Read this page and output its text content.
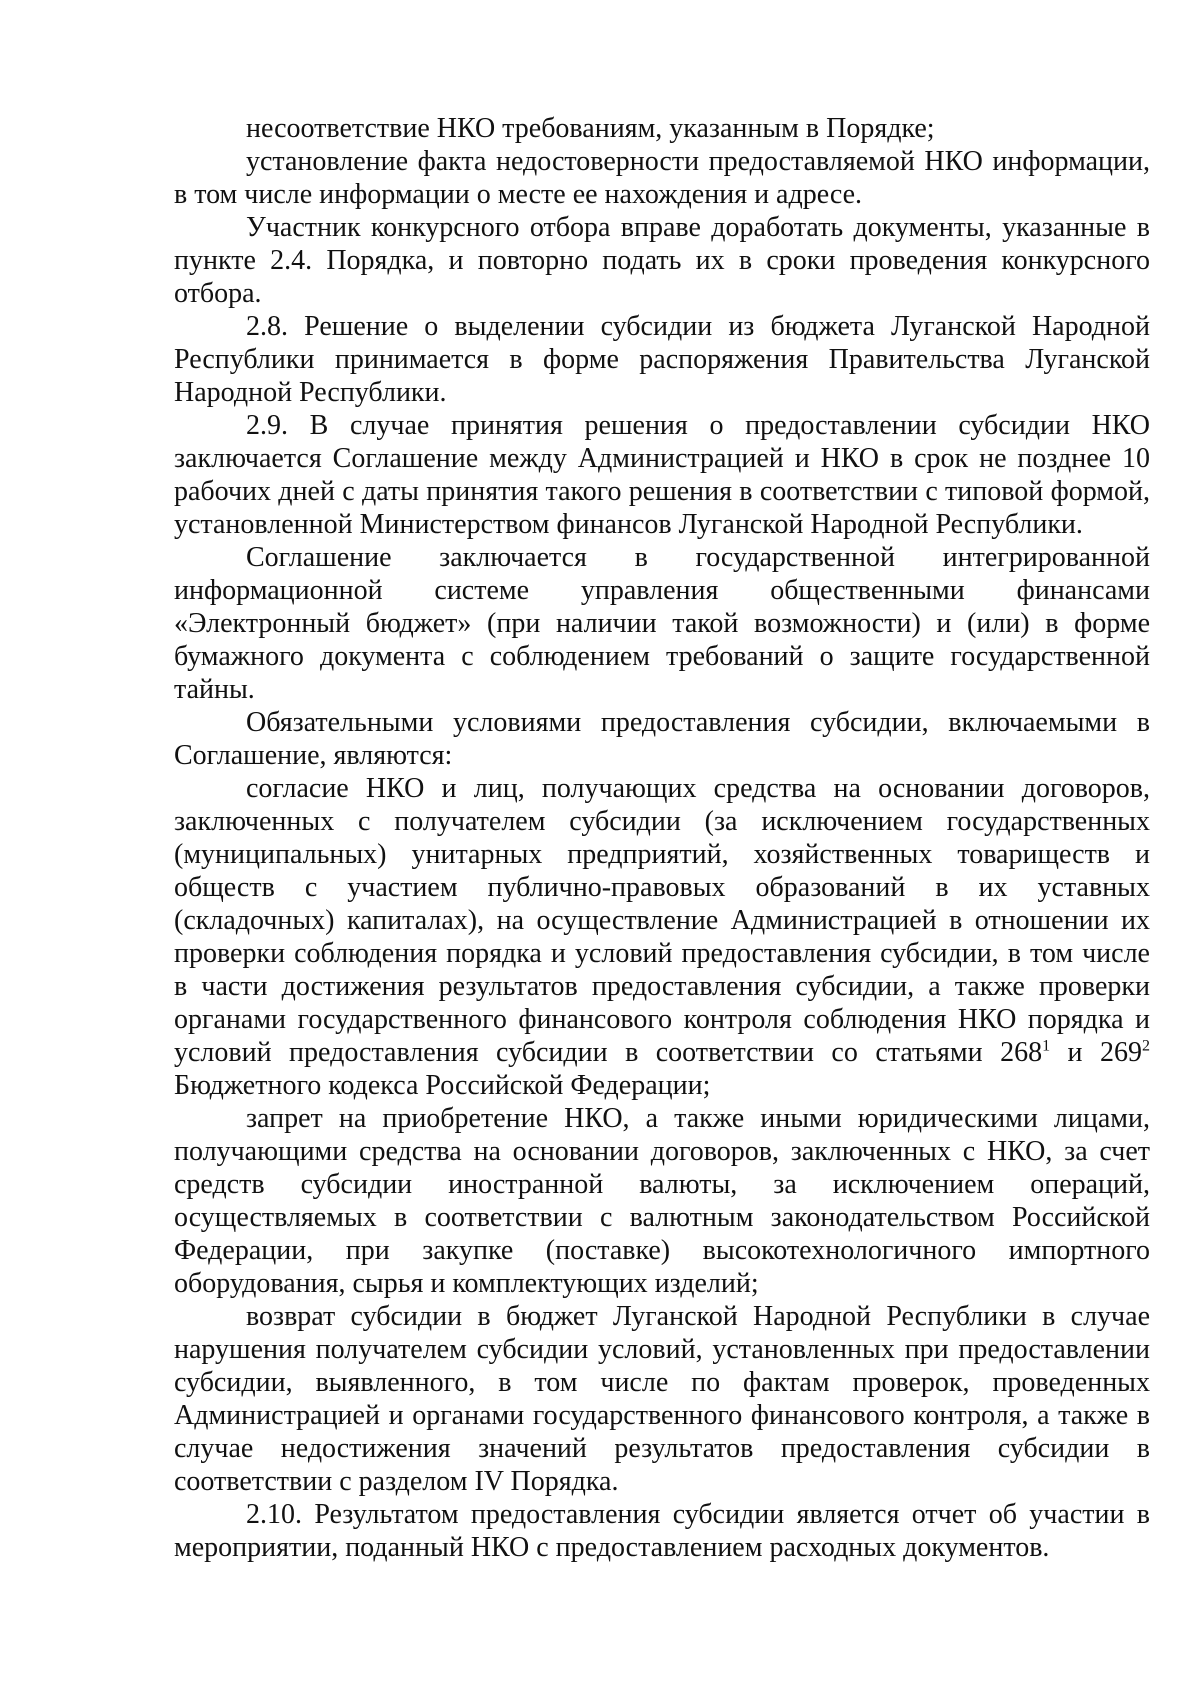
несоответствие НКО требованиям, указанным в Порядке;

установление факта недостоверности предоставляемой НКО информации, в том числе информации о месте ее нахождения и адресе.

Участник конкурсного отбора вправе доработать документы, указанные в пункте 2.4. Порядка, и повторно подать их в сроки проведения конкурсного отбора.

2.8. Решение о выделении субсидии из бюджета Луганской Народной Республики принимается в форме распоряжения Правительства Луганской Народной Республики.

2.9. В случае принятия решения о предоставлении субсидии НКО заключается Соглашение между Администрацией и НКО в срок не позднее 10 рабочих дней с даты принятия такого решения в соответствии с типовой формой, установленной Министерством финансов Луганской Народной Республики.

Соглашение заключается в государственной интегрированной информационной системе управления общественными финансами «Электронный бюджет» (при наличии такой возможности) и (или) в форме бумажного документа с соблюдением требований о защите государственной тайны.

Обязательными условиями предоставления субсидии, включаемыми в Соглашение, являются:

согласие НКО и лиц, получающих средства на основании договоров, заключенных с получателем субсидии (за исключением государственных (муниципальных) унитарных предприятий, хозяйственных товариществ и обществ с участием публично-правовых образований в их уставных (складочных) капиталах), на осуществление Администрацией в отношении их проверки соблюдения порядка и условий предоставления субсидии, в том числе в части достижения результатов предоставления субсидии, а также проверки органами государственного финансового контроля соблюдения НКО порядка и условий предоставления субсидии в соответствии со статьями $268^1$ и $269^2$ Бюджетного кодекса Российской Федерации;

запрет на приобретение НКО, а также иными юридическими лицами, получающими средства на основании договоров, заключенных с НКО, за счет средств субсидии иностранной валюты, за исключением операций, осуществляемых в соответствии с валютным законодательством Российской Федерации, при закупке (поставке) высокотехнологичного импортного оборудования, сырья и комплектующих изделий;

возврат субсидии в бюджет Луганской Народной Республики в случае нарушения получателем субсидии условий, установленных при предоставлении субсидии, выявленного, в том числе по фактам проверок, проведенных Администрацией и органами государственного финансового контроля, а также в случае недостижения значений результатов предоставления субсидии в соответствии с разделом IV Порядка.

2.10. Результатом предоставления субсидии является отчет об участии в мероприятии, поданный НКО с предоставлением расходных документов.
